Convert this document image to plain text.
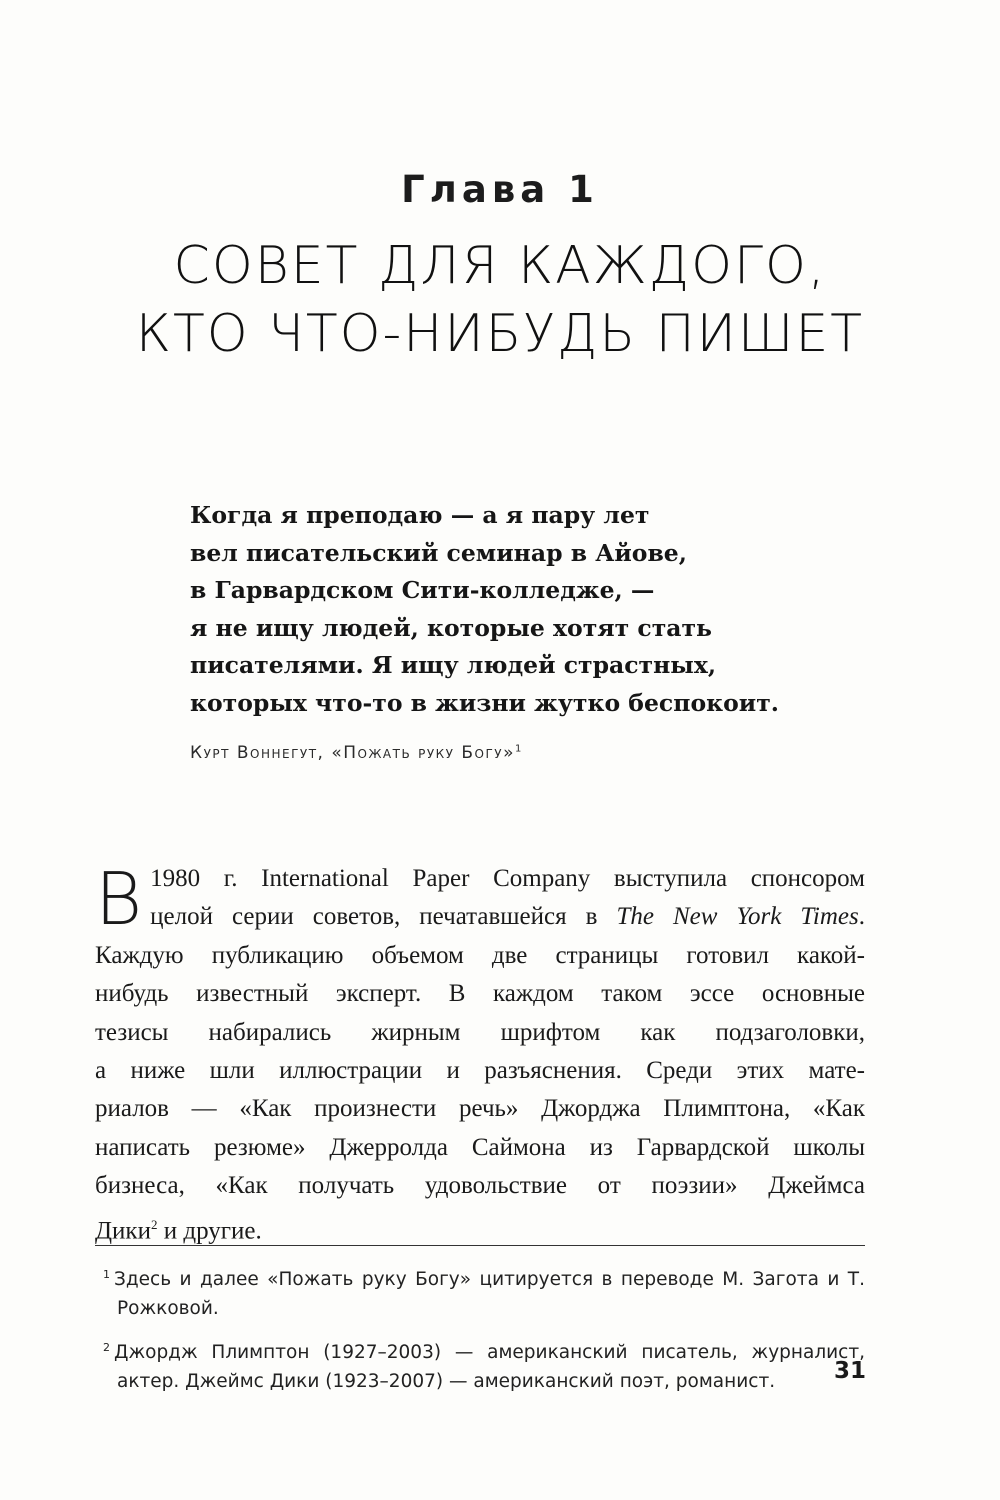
Глава 1
СОВЕТ ДЛЯ КАЖДОГО,
КТО ЧТО-НИБУДЬ ПИШЕТ
Когда я преподаю — а я пару лет
вел писательский семинар в Айове,
в Гарвардском Сити-колледже, —
я не ищу людей, которые хотят стать
писателями. Я ищу людей страстных,
которых что-то в жизни жутко беспокоит.
Курт Воннегут, «Пожать руку Богу»$^1$
В 1980 г. International Paper Company выступила спонсором
целой серии советов, печатавшейся в The New York Times.
Каждую публикацию объемом две страницы готовил какой-
нибудь известный эксперт. В каждом таком эссе основные
тезисы набирались жирным шрифтом как подзаголовки,
а ниже шли иллюстрации и разъяснения. Среди этих мате-
риалов — «Как произнести речь» Джорджа Плимптона, «Как
написать резюме» Джерролда Саймона из Гарвардской школы
бизнеса, «Как получать удовольствие от поэзии» Джеймса
Дики$^2$ и другие.
$^1$ Здесь и далее «Пожать руку Богу» цитируется в переводе М. Загота и Т. Рожковой.
$^2$ Джордж Плимптон (1927–2003) — американский писатель, журналист, актер. Джеймс Дики (1923–2007) — американский поэт, романист.	31
